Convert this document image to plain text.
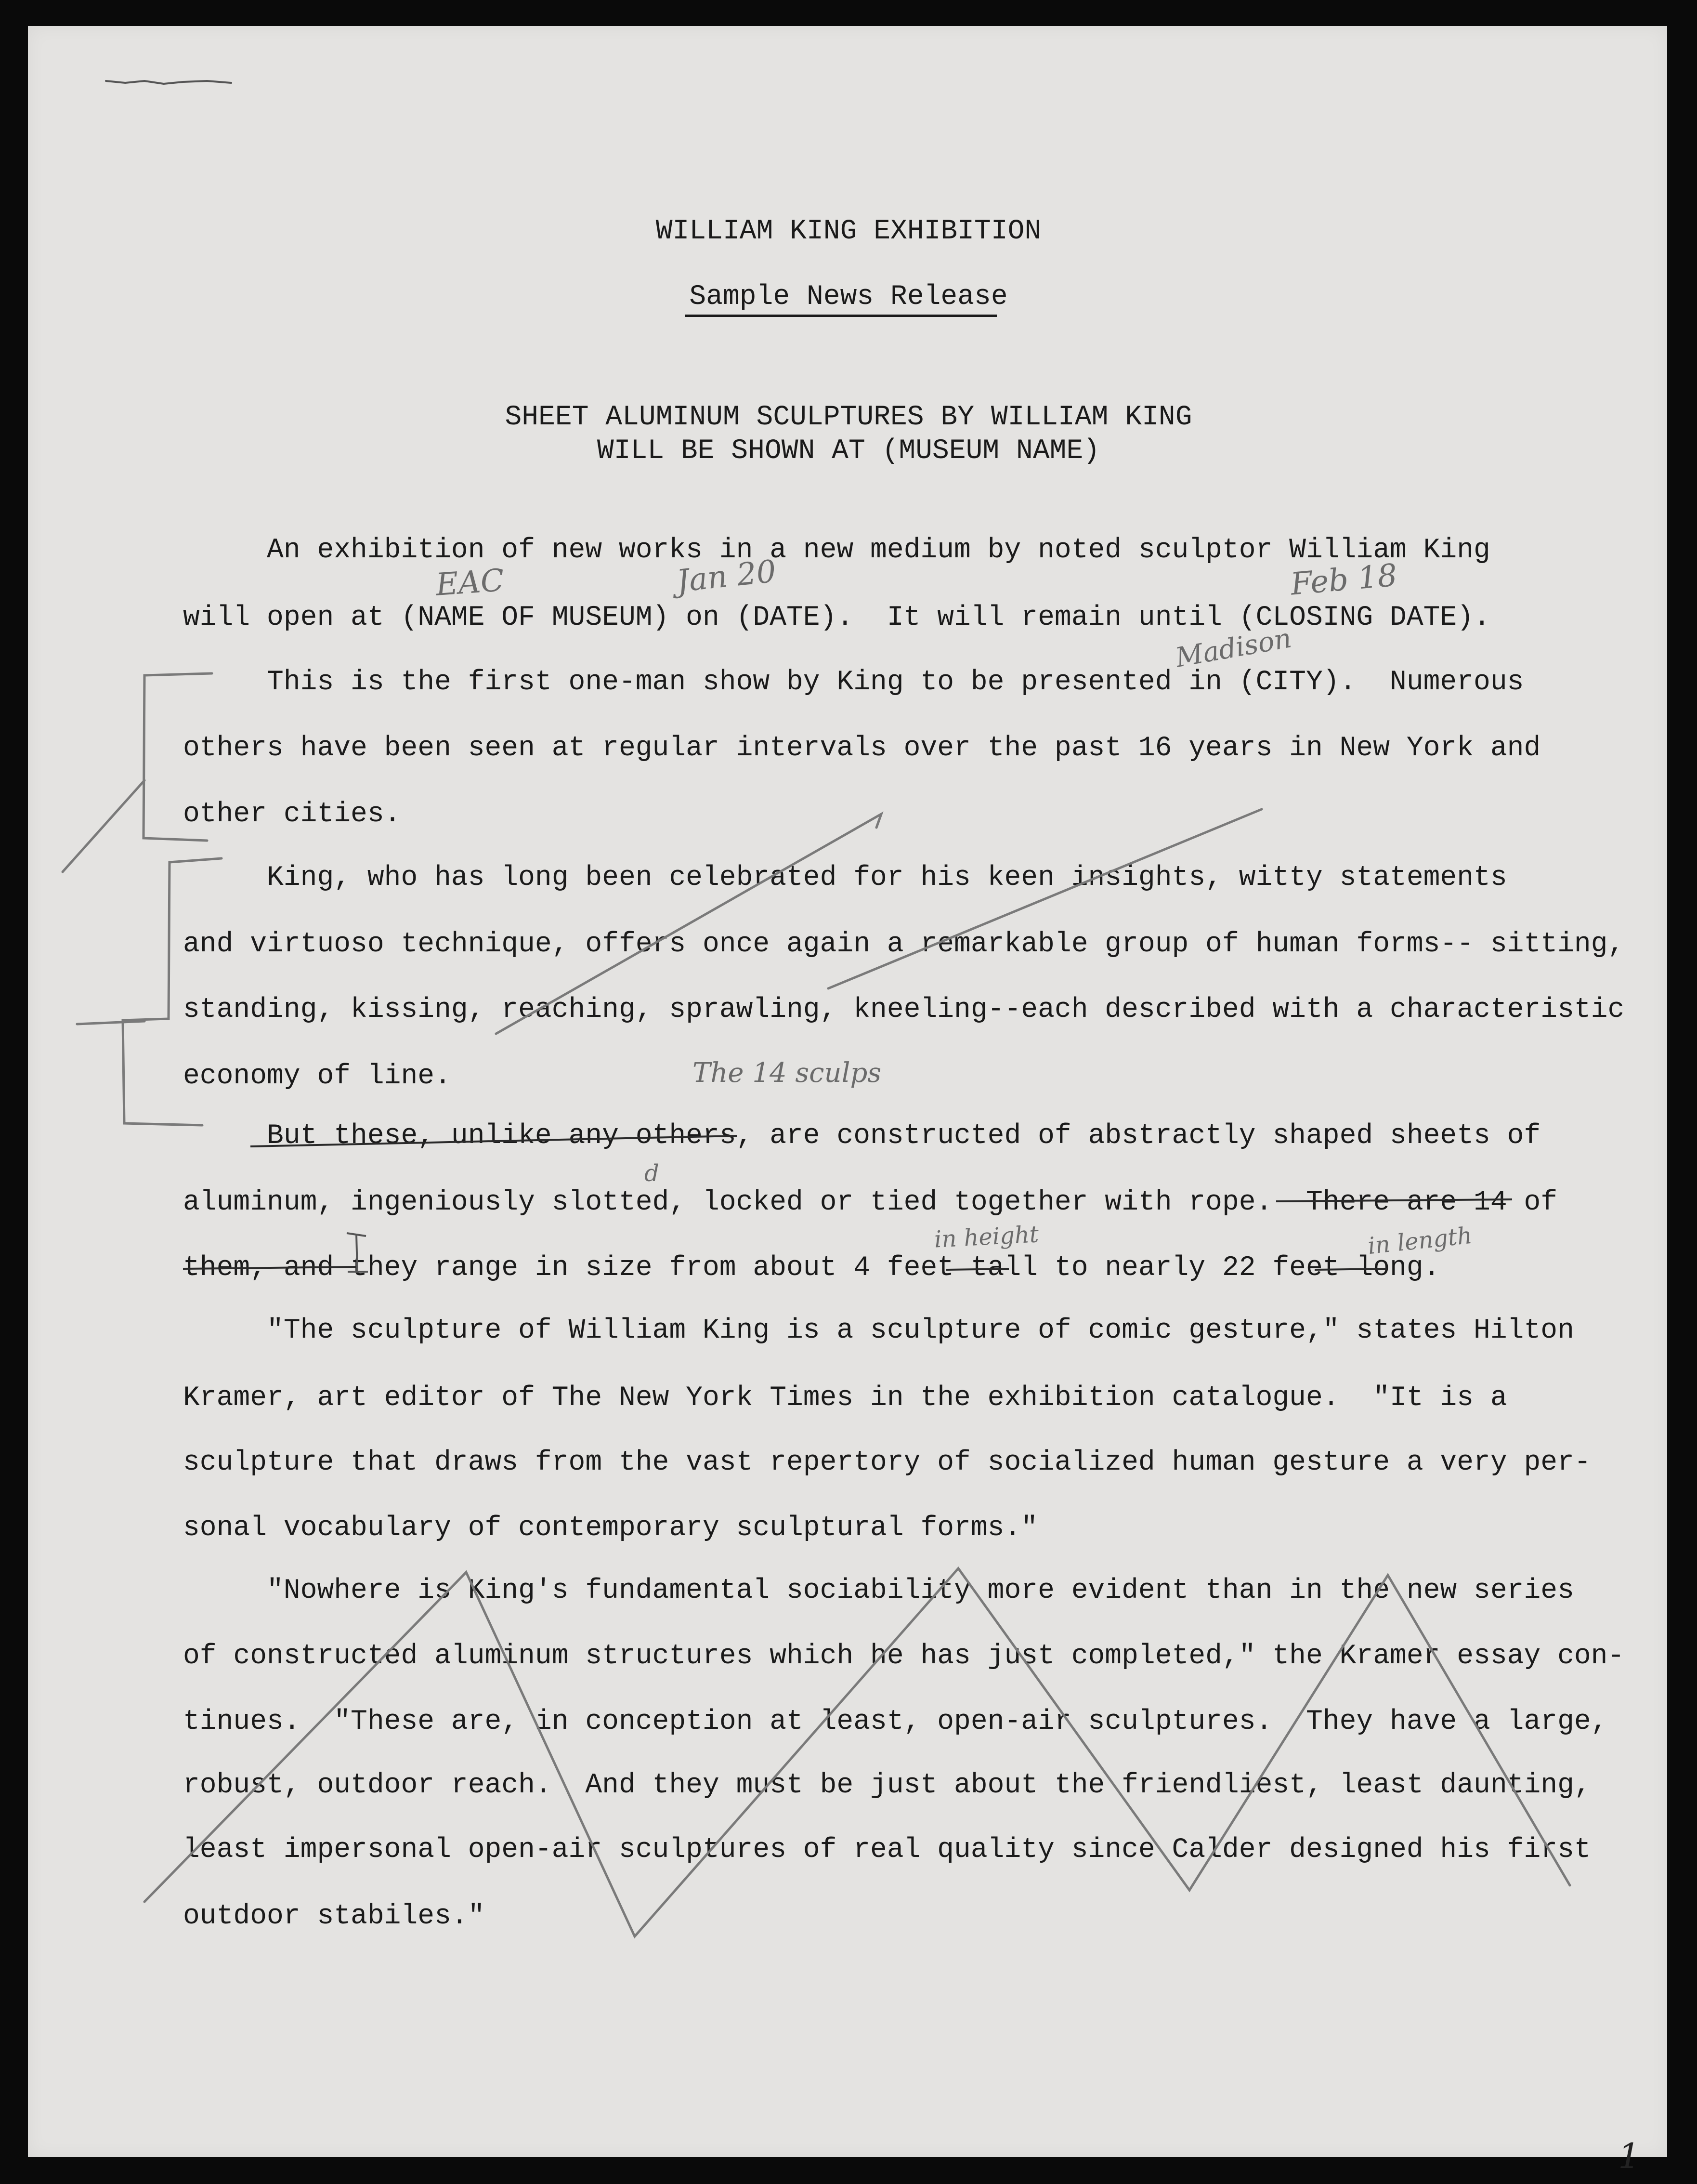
WILLIAM KING EXHIBITION
Sample News Release
SHEET ALUMINUM SCULPTURES BY WILLIAM KING
WILL BE SHOWN AT (MUSEUM NAME)
An exhibition of new works in a new medium by noted sculptor William King
will open at (NAME OF MUSEUM) on (DATE).  It will remain until (CLOSING DATE).
This is the first one-man show by King to be presented in (CITY).  Numerous
others have been seen at regular intervals over the past 16 years in New York and
other cities.
King, who has long been celebrated for his keen insights, witty statements
and virtuoso technique, offers once again a remarkable group of human forms-- sitting,
standing, kissing, reaching, sprawling, kneeling--each described with a characteristic
economy of line.
But these, unlike any others, are constructed of abstractly shaped sheets of
aluminum, ingeniously slotted, locked or tied together with rope.  There are 14 of
them, and they range in size from about 4 feet tall to nearly 22 feet long.
"The sculpture of William King is a sculpture of comic gesture," states Hilton
Kramer, art editor of The New York Times in the exhibition catalogue.  "It is a
sculpture that draws from the vast repertory of socialized human gesture a very per-
sonal vocabulary of contemporary sculptural forms."
"Nowhere is King's fundamental sociability more evident than in the new series
of constructed aluminum structures which he has just completed," the Kramer essay con-
tinues.  "These are, in conception at least, open-air sculptures.  They have a large,
robust, outdoor reach.  And they must be just about the friendliest, least daunting,
least impersonal open-air sculptures of real quality since Calder designed his first
outdoor stabiles."
EAC	Jan 20	Feb 18
Madison
The 14 sculps
d
in height	in length
1
